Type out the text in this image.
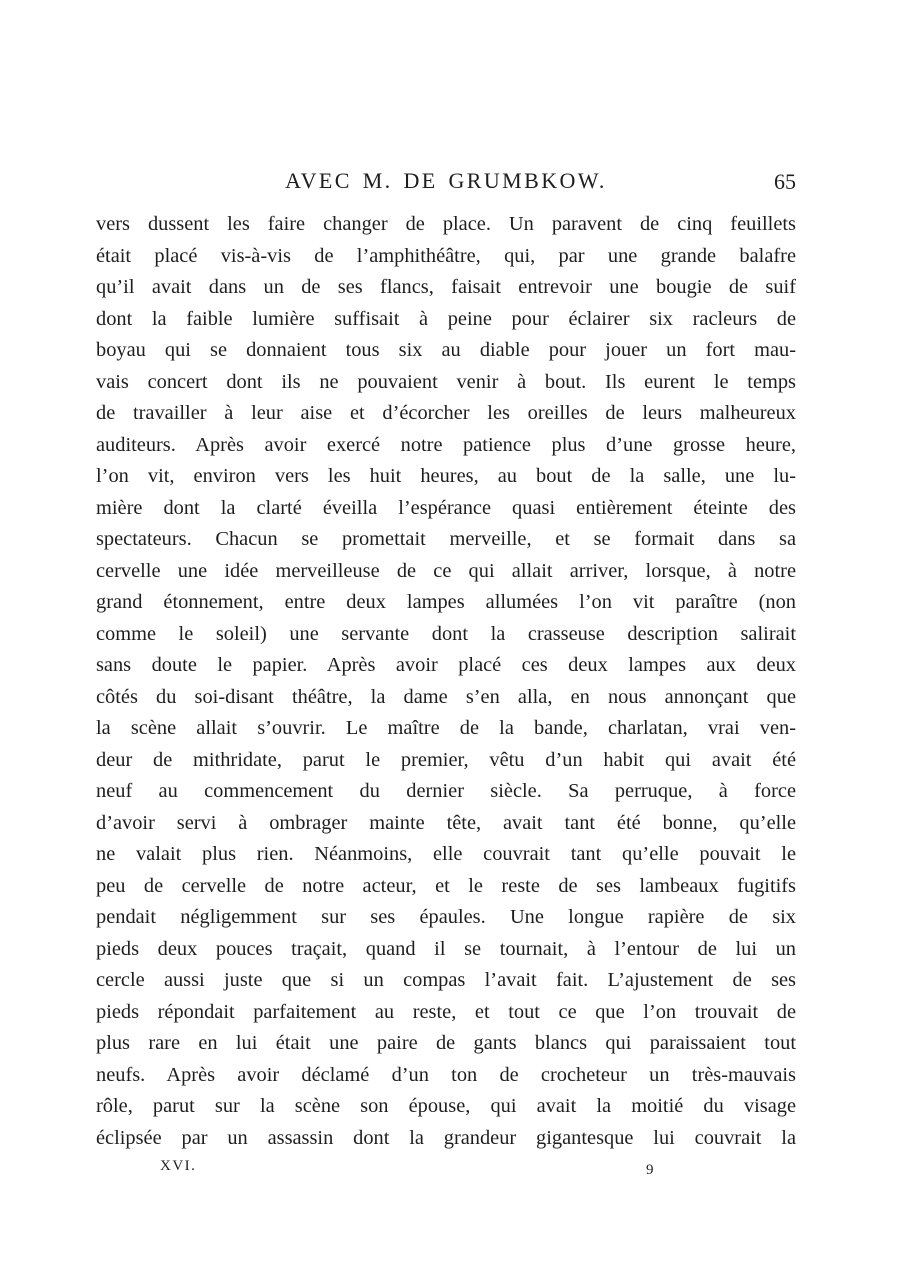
AVEC M. DE GRUMBKOW.	65
vers dussent les faire changer de place. Un paravent de cinq feuillets
était placé vis-à-vis de l’amphithéâtre, qui, par une grande balafre
qu’il avait dans un de ses flancs, faisait entrevoir une bougie de suif
dont la faible lumière suffisait à peine pour éclairer six racleurs de
boyau qui se donnaient tous six au diable pour jouer un fort mau-
vais concert dont ils ne pouvaient venir à bout. Ils eurent le temps
de travailler à leur aise et d’écorcher les oreilles de leurs malheureux
auditeurs. Après avoir exercé notre patience plus d’une grosse heure,
l’on vit, environ vers les huit heures, au bout de la salle, une lu-
mière dont la clarté éveilla l’espérance quasi entièrement éteinte des
spectateurs. Chacun se promettait merveille, et se formait dans sa
cervelle une idée merveilleuse de ce qui allait arriver, lorsque, à notre
grand étonnement, entre deux lampes allumées l’on vit paraître (non
comme le soleil) une servante dont la crasseuse description salirait
sans doute le papier. Après avoir placé ces deux lampes aux deux
côtés du soi-disant théâtre, la dame s’en alla, en nous annonçant que
la scène allait s’ouvrir. Le maître de la bande, charlatan, vrai ven-
deur de mithridate, parut le premier, vêtu d’un habit qui avait été
neuf au commencement du dernier siècle. Sa perruque, à force
d’avoir servi à ombrager mainte tête, avait tant été bonne, qu’elle
ne valait plus rien. Néanmoins, elle couvrait tant qu’elle pouvait le
peu de cervelle de notre acteur, et le reste de ses lambeaux fugitifs
pendait négligemment sur ses épaules. Une longue rapière de six
pieds deux pouces traçait, quand il se tournait, à l’entour de lui un
cercle aussi juste que si un compas l’avait fait. L’ajustement de ses
pieds répondait parfaitement au reste, et tout ce que l’on trouvait de
plus rare en lui était une paire de gants blancs qui paraissaient tout
neufs. Après avoir déclamé d’un ton de crocheteur un très-mauvais
rôle, parut sur la scène son épouse, qui avait la moitié du visage
éclipsée par un assassin dont la grandeur gigantesque lui couvrait la
XVI.	9
